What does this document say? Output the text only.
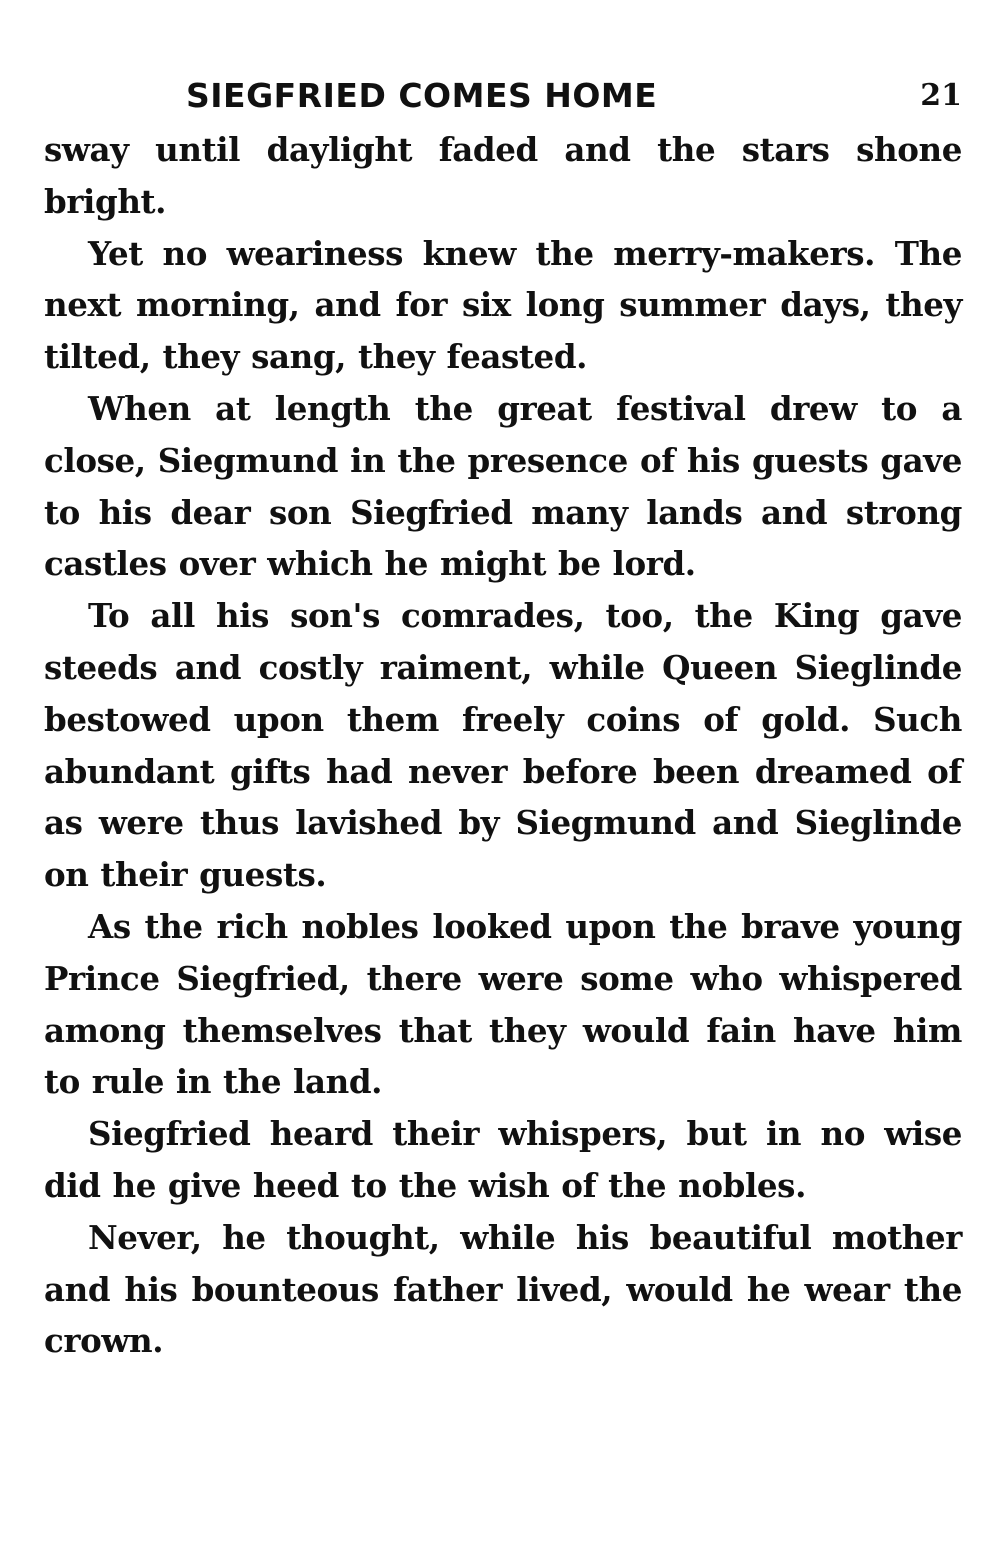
SIEGFRIED COMES HOME	21

sway until daylight faded and the stars shone bright.

Yet no weariness knew the merry-makers. The next morning, and for six long summer days, they tilted, they sang, they feasted.

When at length the great festival drew to a close, Siegmund in the presence of his guests gave to his dear son Siegfried many lands and strong castles over which he might be lord.

To all his son's comrades, too, the King gave steeds and costly raiment, while Queen Sieglinde bestowed upon them freely coins of gold. Such abundant gifts had never before been dreamed of as were thus lavished by Siegmund and Sieglinde on their guests.

As the rich nobles looked upon the brave young Prince Siegfried, there were some who whispered among themselves that they would fain have him to rule in the land.

Siegfried heard their whispers, but in no wise did he give heed to the wish of the nobles.

Never, he thought, while his beautiful mother and his bounteous father lived, would he wear the crown.
